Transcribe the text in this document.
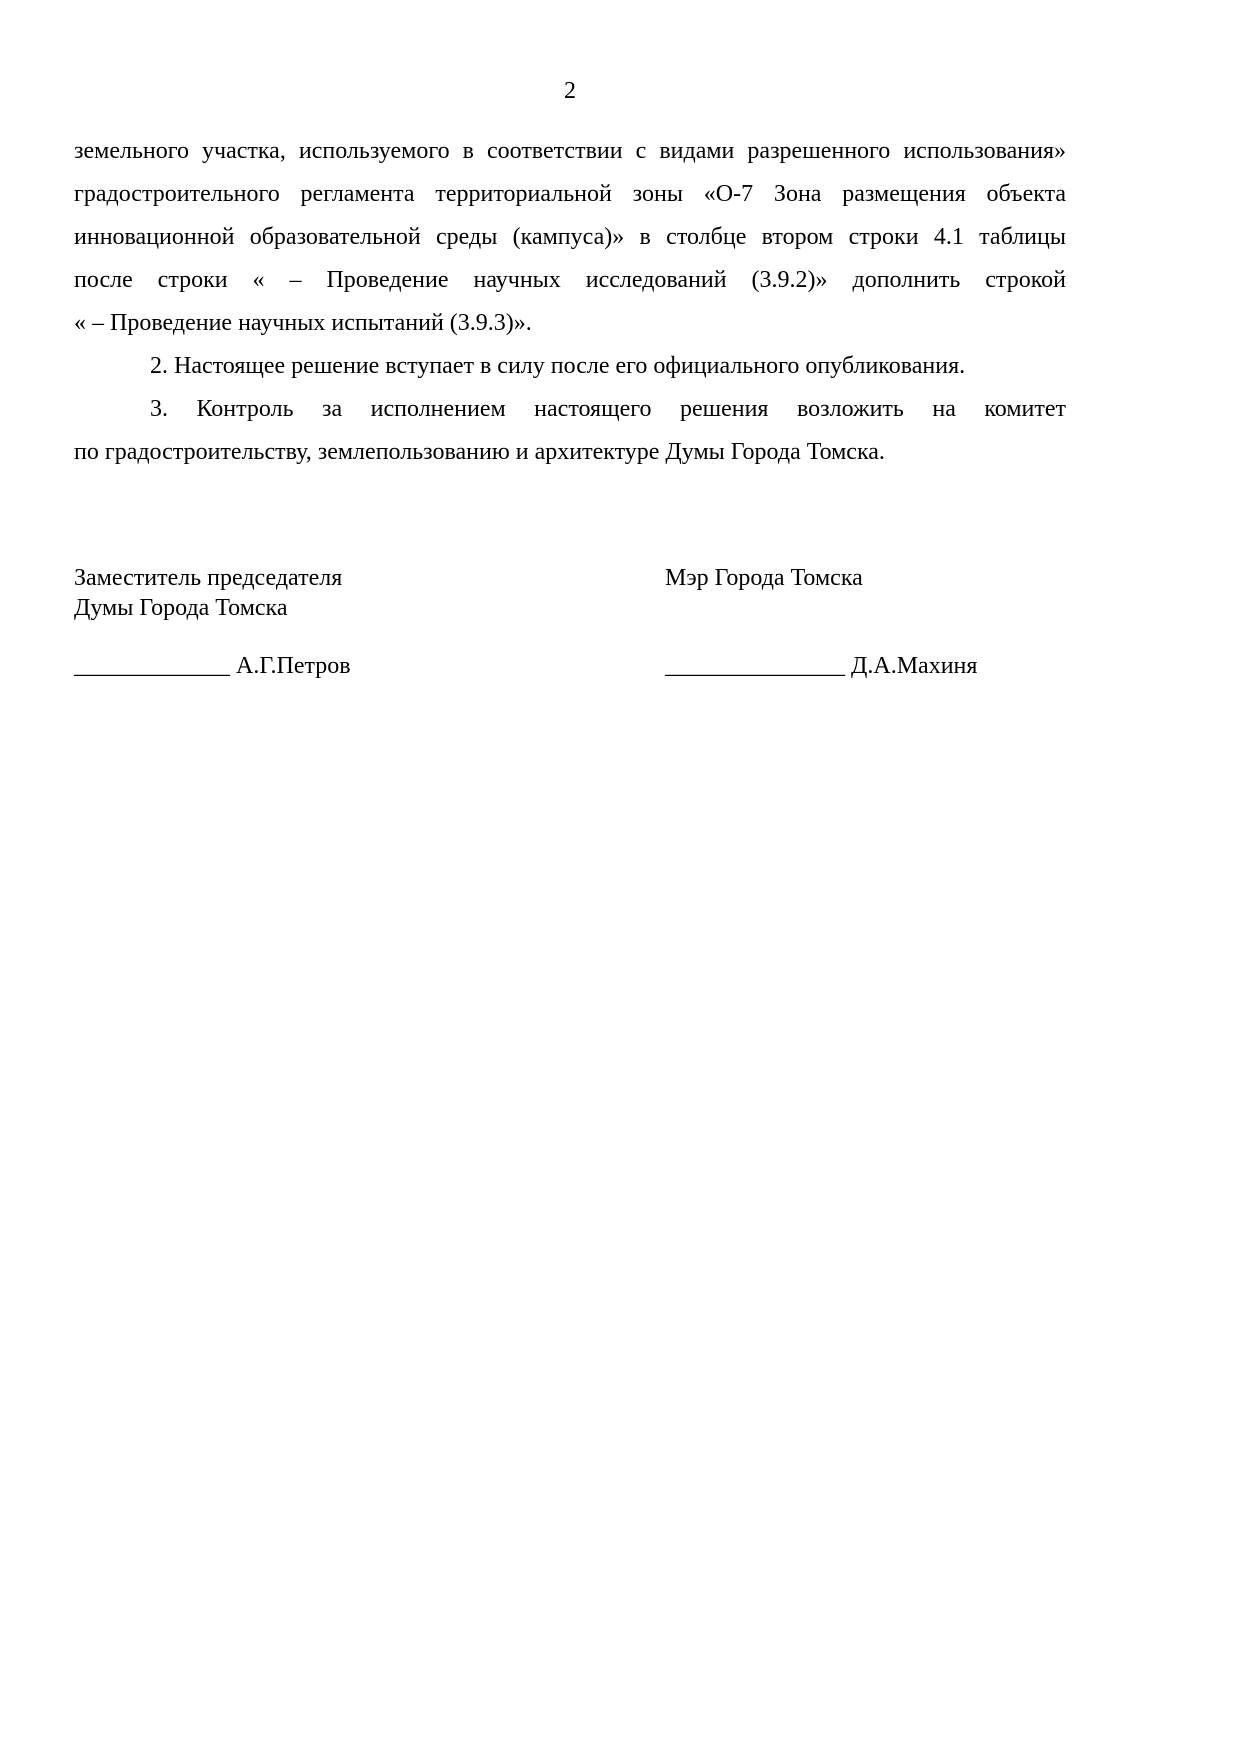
2

земельного участка, используемого в соответствии с видами разрешенного использования»
градостроительного регламента территориальной зоны «О-7 Зона размещения объекта
инновационной образовательной среды (кампуса)» в столбце втором строки 4.1 таблицы
после строки « – Проведение научных исследований (3.9.2)» дополнить строкой
« – Проведение научных испытаний (3.9.3)».

2. Настоящее решение вступает в силу после его официального опубликования.

3. Контроль за исполнением настоящего решения возложить на комитет
по градостроительству, землепользованию и архитектуре Думы Города Томска.

Заместитель председателя
Думы Города Томска
Мэр Города Томска
_____________ А.Г.Петров	_______________ Д.А.Махиня
